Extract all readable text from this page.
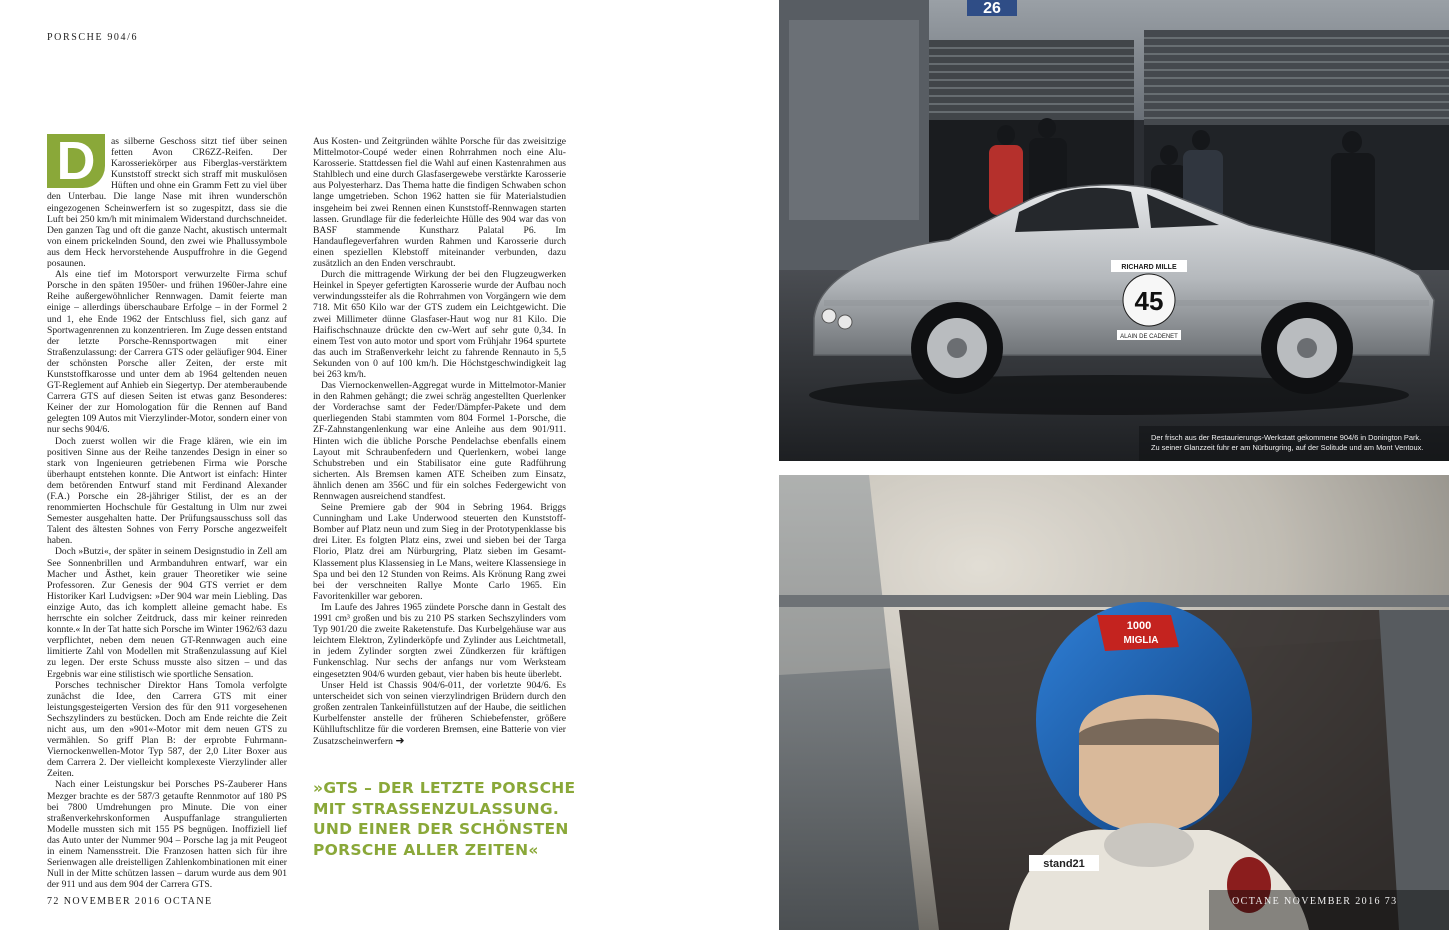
PORSCHE 904/6
D	as silberne Geschoss sitzt tief über seinen fetten Avon CR6ZZ-Reifen. Der Karosseriekörper aus Fiberglas-verstärktem Kunststoff streckt sich straff mit muskulösen Hüften und ohne ein Gramm Fett zu viel über den Unterbau. Die lange Nase mit ihren wunderschön eingezogenen Scheinwerfern ist so zugespitzt, dass sie die Luft bei 250 km/h mit minimalem Widerstand durchschneidet. Den ganzen Tag und oft die ganze Nacht, akustisch untermalt von einem prickelnden Sound, den zwei wie Phallussymbole aus dem Heck hervorstehende Auspuffrohre in die Gegend posaunen.

Als eine tief im Motorsport verwurzelte Firma schuf Porsche in den späten 1950er- und frühen 1960er-Jahre eine Reihe außergewöhnlicher Rennwagen. Damit feierte man einige – allerdings überschaubare Erfolge – in der Formel 2 und 1, ehe Ende 1962 der Entschluss fiel, sich ganz auf Sportwagenrennen zu konzentrieren. Im Zuge dessen entstand der letzte Porsche-Rennsportwagen mit einer Straßenzulassung: der Carrera GTS oder geläufiger 904. Einer der schönsten Porsche aller Zeiten, der erste mit Kunststoffkarosse und unter dem ab 1964 geltenden neuen GT-Reglement auf Anhieb ein Siegertyp. Der atemberaubende Carrera GTS auf diesen Seiten ist etwas ganz Besonderes: Keiner der zur Homologation für die Rennen auf Band gelegten 109 Autos mit Vierzylinder-Motor, sondern einer von nur sechs 904/6.

Doch zuerst wollen wir die Frage klären, wie ein im positiven Sinne aus der Reihe tanzendes Design in einer so stark von Ingenieuren getriebenen Firma wie Porsche überhaupt entstehen konnte. Die Antwort ist einfach: Hinter dem betörenden Entwurf stand mit Ferdinand Alexander (F.A.) Porsche ein 28-jähriger Stilist, der es an der renommierten Hochschule für Gestaltung in Ulm nur zwei Semester ausgehalten hatte. Der Prüfungsausschuss soll das Talent des ältesten Sohnes von Ferry Porsche angezweifelt haben.

Doch »Butzi«, der später in seinem Designstudio in Zell am See Sonnenbrillen und Armbanduhren entwarf, war ein Macher und Ästhet, kein grauer Theoretiker wie seine Professoren. Zur Genesis der 904 GTS verriet er dem Historiker Karl Ludvigsen: »Der 904 war mein Liebling. Das einzige Auto, das ich komplett alleine gemacht habe. Es herrschte ein solcher Zeitdruck, dass mir keiner reinreden konnte.« In der Tat hatte sich Porsche im Winter 1962/63 dazu verpflichtet, neben dem neuen GT-Rennwagen auch eine limitierte Zahl von Modellen mit Straßenzulassung auf Kiel zu legen. Der erste Schuss musste also sitzen – und das Ergebnis war eine stilistisch wie sportliche Sensation.

Porsches technischer Direktor Hans Tomola verfolgte zunächst die Idee, den Carrera GTS mit einer leistungsgesteigerten Version des für den 911 vorgesehenen Sechszylinders zu bestücken. Doch am Ende reichte die Zeit nicht aus, um den »901«-Motor mit dem neuen GTS zu vermählen. So griff Plan B: der erprobte Fuhrmann-Viernockenwellen-Motor Typ 587, der 2,0 Liter Boxer aus dem Carrera 2. Der vielleicht komplexeste Vierzylinder aller Zeiten.

Nach einer Leistungskur bei Porsches PS-Zauberer Hans Mezger brachte es der 587/3 getaufte Rennmotor auf 180 PS bei 7800 Umdrehungen pro Minute. Die von einer straßenverkehrskonformen Auspuffanlage strangulierten Modelle mussten sich mit 155 PS begnügen. Inoffiziell lief das Auto unter der Nummer 904 – Porsche lag ja mit Peugeot in einem Namensstreit. Die Franzosen hatten sich für ihre Serienwagen alle dreistelligen Zahlenkombinationen mit einer Null in der Mitte schützen lassen – darum wurde aus dem 901 der 911 und aus dem 904 der Carrera GTS.

Aus Kosten- und Zeitgründen wählte Porsche für das zweisitzige Mittelmotor-Coupé weder einen Rohrrahmen noch eine Alu-Karosserie. Stattdessen fiel die Wahl auf einen Kastenrahmen aus Stahlblech und eine durch Glasfasergewebe verstärkte Karosserie aus Polyesterharz. Das Thema hatte die findigen Schwaben schon lange umgetrieben. Schon 1962 hatten sie für Materialstudien insgeheim bei zwei Rennen einen Kunststoff-Rennwagen starten lassen. Grundlage für die federleichte Hülle des 904 war das von BASF stammende Kunstharz Palatal P6. Im Handauflegeverfahren wurden Rahmen und Karosserie durch einen speziellen Klebstoff miteinander verbunden, dazu zusätzlich an den Enden verschraubt.

Durch die mittragende Wirkung der bei den Flugzeugwerken Heinkel in Speyer gefertigten Karosserie wurde der Aufbau noch verwindungssteifer als die Rohrrahmen von Vorgängern wie dem 718. Mit 650 Kilo war der GTS zudem ein Leichtgewicht. Die zwei Millimeter dünne Glasfaser-Haut wog nur 81 Kilo. Die Haifischschnauze drückte den cw-Wert auf sehr gute 0,34. In einem Test von auto motor und sport vom Frühjahr 1964 spurtete das auch im Straßenverkehr leicht zu fahrende Rennauto in 5,5 Sekunden von 0 auf 100 km/h. Die Höchstgeschwindigkeit lag bei 263 km/h.

Das Viernockenwellen-Aggregat wurde in Mittelmotor-Manier in den Rahmen gehängt; die zwei schräg angestellten Querlenker der Vorderachse samt der Feder/Dämpfer-Pakete und dem querliegenden Stabi stammten vom 804 Formel 1-Porsche, die ZF-Zahnstangenlenkung war eine Anleihe aus dem 901/911. Hinten wich die übliche Porsche Pendelachse ebenfalls einem Layout mit Schraubenfedern und Querlenkern, wobei lange Schubstreben und ein Stabilisator eine gute Radführung sicherten. Als Bremsen kamen ATE Scheiben zum Einsatz, ähnlich denen am 356C und für ein solches Federgewicht von Rennwagen ausreichend standfest.

Seine Premiere gab der 904 in Sebring 1964. Briggs Cunningham und Lake Underwood steuerten den Kunststoff-Bomber auf Platz neun und zum Sieg in der Prototypenklasse bis drei Liter. Es folgten Platz eins, zwei und sieben bei der Targa Florio, Platz drei am Nürburgring, Platz sieben im Gesamt-Klassement plus Klassensieg in Le Mans, weitere Klassensiege in Spa und bei den 12 Stunden von Reims. Als Krönung Rang zwei bei der verschneiten Rallye Monte Carlo 1965. Ein Favoritenkiller war geboren.

Im Laufe des Jahres 1965 zündete Porsche dann in Gestalt des 1991 cm³ großen und bis zu 210 PS starken Sechszylinders vom Typ 901/20 die zweite Raketenstufe. Das Kurbelgehäuse war aus leichtem Elektron, Zylinderköpfe und Zylinder aus Leichtmetall, in jedem Zylinder sorgten zwei Zündkerzen für kräftigen Funkenschlag. Nur sechs der anfangs nur vom Werksteam eingesetzten 904/6 wurden gebaut, vier haben bis heute überlebt.

Unser Held ist Chassis 904/6-011, der vorletzte 904/6. Es unterscheidet sich von seinen vierzylindrigen Brüdern durch den großen zentralen Tankeinfüllstutzen auf der Haube, die seitlichen Kurbelfenster anstelle der früheren Schiebefenster, größere Kühlluftschlitze für die vorderen Bremsen, eine Batterie von vier Zusatzscheinwerfern ➜

»GTS – DER LETZTE PORSCHE
MIT STRASSENZULASSUNG.
UND EINER DER SCHÖNSTEN
PORSCHE ALLER ZEITEN«
72 NOVEMBER 2016 OCTANE
26
RICHARD MILLE
45
ALAIN DE CADENET
Der frisch aus der Restaurierungs-Werkstatt gekommene 904/6 in Donington Park.
Zu seiner Glanzzeit fuhr er am Nürburgring, auf der Solitude und am Mont Ventoux.
1000
MIGLIA
stand21
OCTANE NOVEMBER 2016 73
